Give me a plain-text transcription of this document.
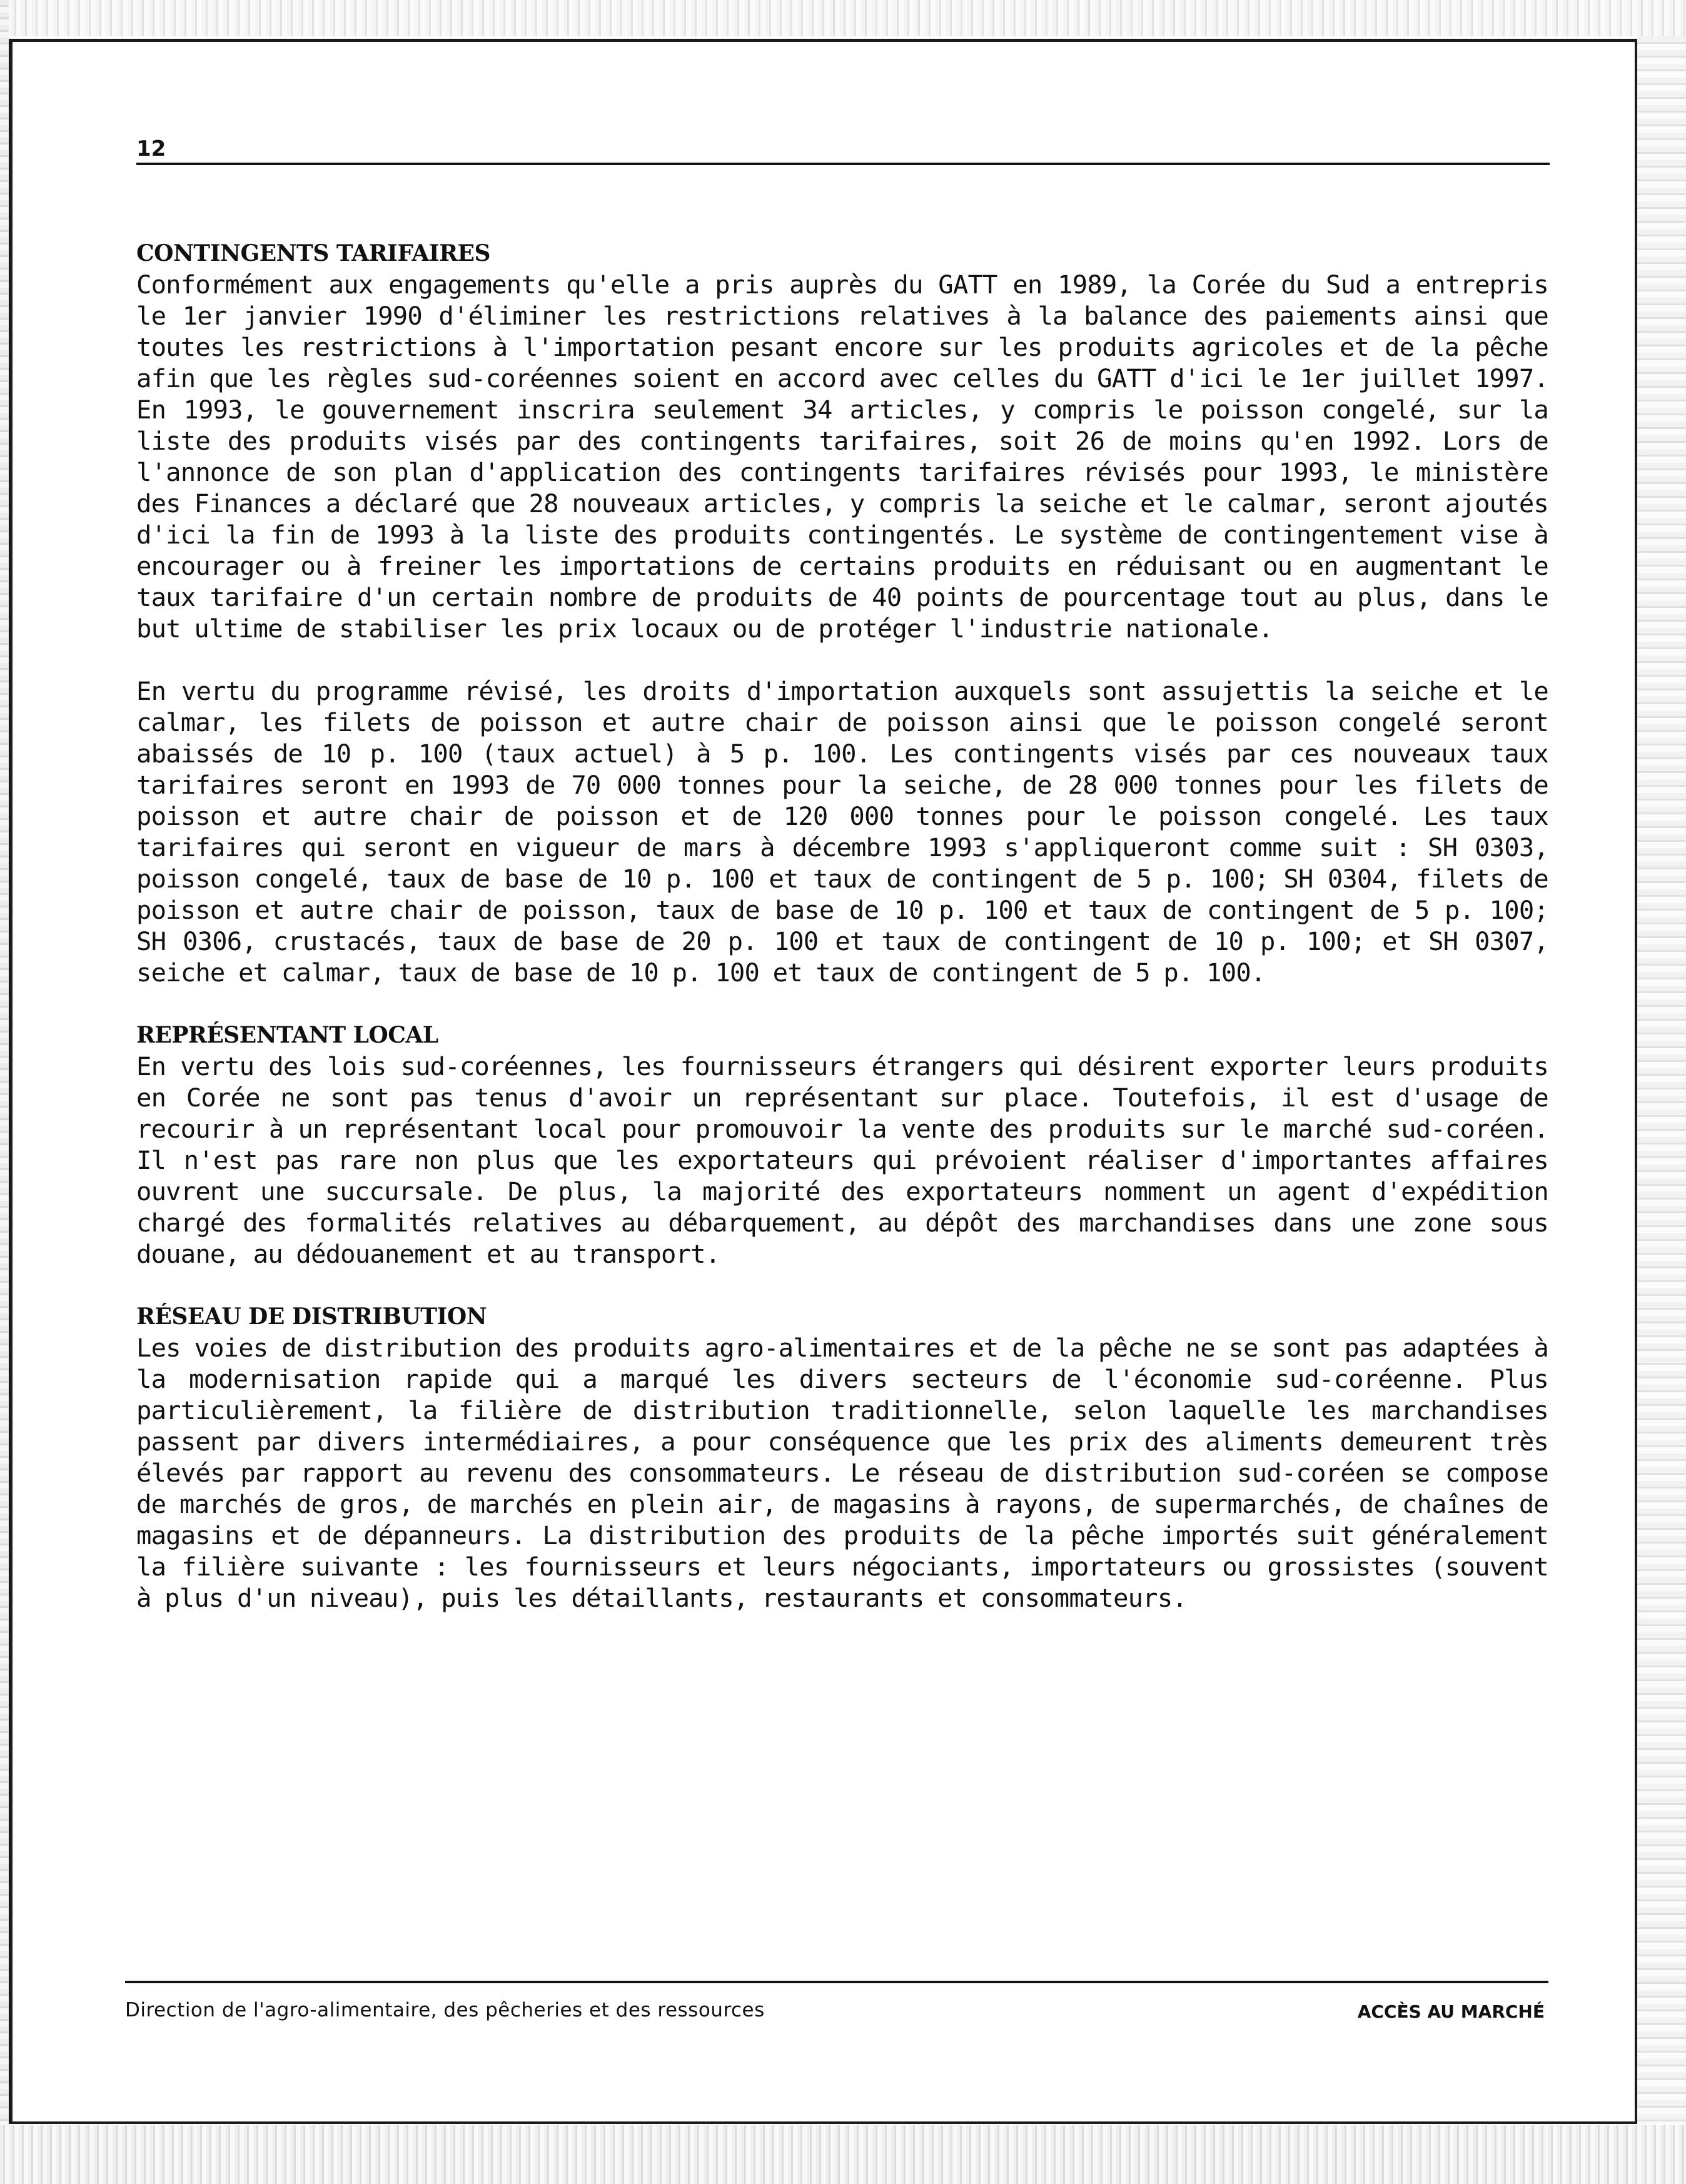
12
CONTINGENTS TARIFAIRES

Conformément aux engagements qu'elle a pris auprès du GATT en 1989, la Corée du Sud a entrepris le 1er janvier 1990 d'éliminer les restrictions relatives à la balance des paiements ainsi que toutes les restrictions à l'importation pesant encore sur les produits agricoles et de la pêche afin que les règles sud-coréennes soient en accord avec celles du GATT d'ici le 1er juillet 1997. En 1993, le gouvernement inscrira seulement 34 articles, y compris le poisson congelé, sur la liste des produits visés par des contingents tarifaires, soit 26 de moins qu'en 1992. Lors de l'annonce de son plan d'application des contingents tarifaires révisés pour 1993, le ministère des Finances a déclaré que 28 nouveaux articles, y compris la seiche et le calmar, seront ajoutés d'ici la fin de 1993 à la liste des produits contingentés. Le système de contingentement vise à encourager ou à freiner les importations de certains produits en réduisant ou en augmentant le taux tarifaire d'un certain nombre de produits de 40 points de pourcentage tout au plus, dans le but ultime de stabiliser les prix locaux ou de protéger l'industrie nationale.

En vertu du programme révisé, les droits d'importation auxquels sont assujettis la seiche et le calmar, les filets de poisson et autre chair de poisson ainsi que le poisson congelé seront abaissés de 10 p. 100 (taux actuel) à 5 p. 100. Les contingents visés par ces nouveaux taux tarifaires seront en 1993 de 70 000 tonnes pour la seiche, de 28 000 tonnes pour les filets de poisson et autre chair de poisson et de 120 000 tonnes pour le poisson congelé. Les taux tarifaires qui seront en vigueur de mars à décembre 1993 s'appliqueront comme suit : SH 0303, poisson congelé, taux de base de 10 p. 100 et taux de contingent de 5 p. 100; SH 0304, filets de poisson et autre chair de poisson, taux de base de 10 p. 100 et taux de contingent de 5 p. 100; SH 0306, crustacés, taux de base de 20 p. 100 et taux de contingent de 10 p. 100; et SH 0307, seiche et calmar, taux de base de 10 p. 100 et taux de contingent de 5 p. 100.

REPRÉSENTANT LOCAL

En vertu des lois sud-coréennes, les fournisseurs étrangers qui désirent exporter leurs produits en Corée ne sont pas tenus d'avoir un représentant sur place. Toutefois, il est d'usage de recourir à un représentant local pour promouvoir la vente des produits sur le marché sud-coréen. Il n'est pas rare non plus que les exportateurs qui prévoient réaliser d'importantes affaires ouvrent une succursale. De plus, la majorité des exportateurs nomment un agent d'expédition chargé des formalités relatives au débarquement, au dépôt des marchandises dans une zone sous douane, au dédouanement et au transport.

RÉSEAU DE DISTRIBUTION

Les voies de distribution des produits agro-alimentaires et de la pêche ne se sont pas adaptées à la modernisation rapide qui a marqué les divers secteurs de l'économie sud-coréenne. Plus particulièrement, la filière de distribution traditionnelle, selon laquelle les marchandises passent par divers intermédiaires, a pour conséquence que les prix des aliments demeurent très élevés par rapport au revenu des consommateurs. Le réseau de distribution sud-coréen se compose de marchés de gros, de marchés en plein air, de magasins à rayons, de supermarchés, de chaînes de magasins et de dépanneurs. La distribution des produits de la pêche importés suit généralement la filière suivante : les fournisseurs et leurs négociants, importateurs ou grossistes (souvent à plus d'un niveau), puis les détaillants, restaurants et consommateurs.

Direction de l'agro-alimentaire, des pêcheries et des ressources	ACCÈS AU MARCHÉ
